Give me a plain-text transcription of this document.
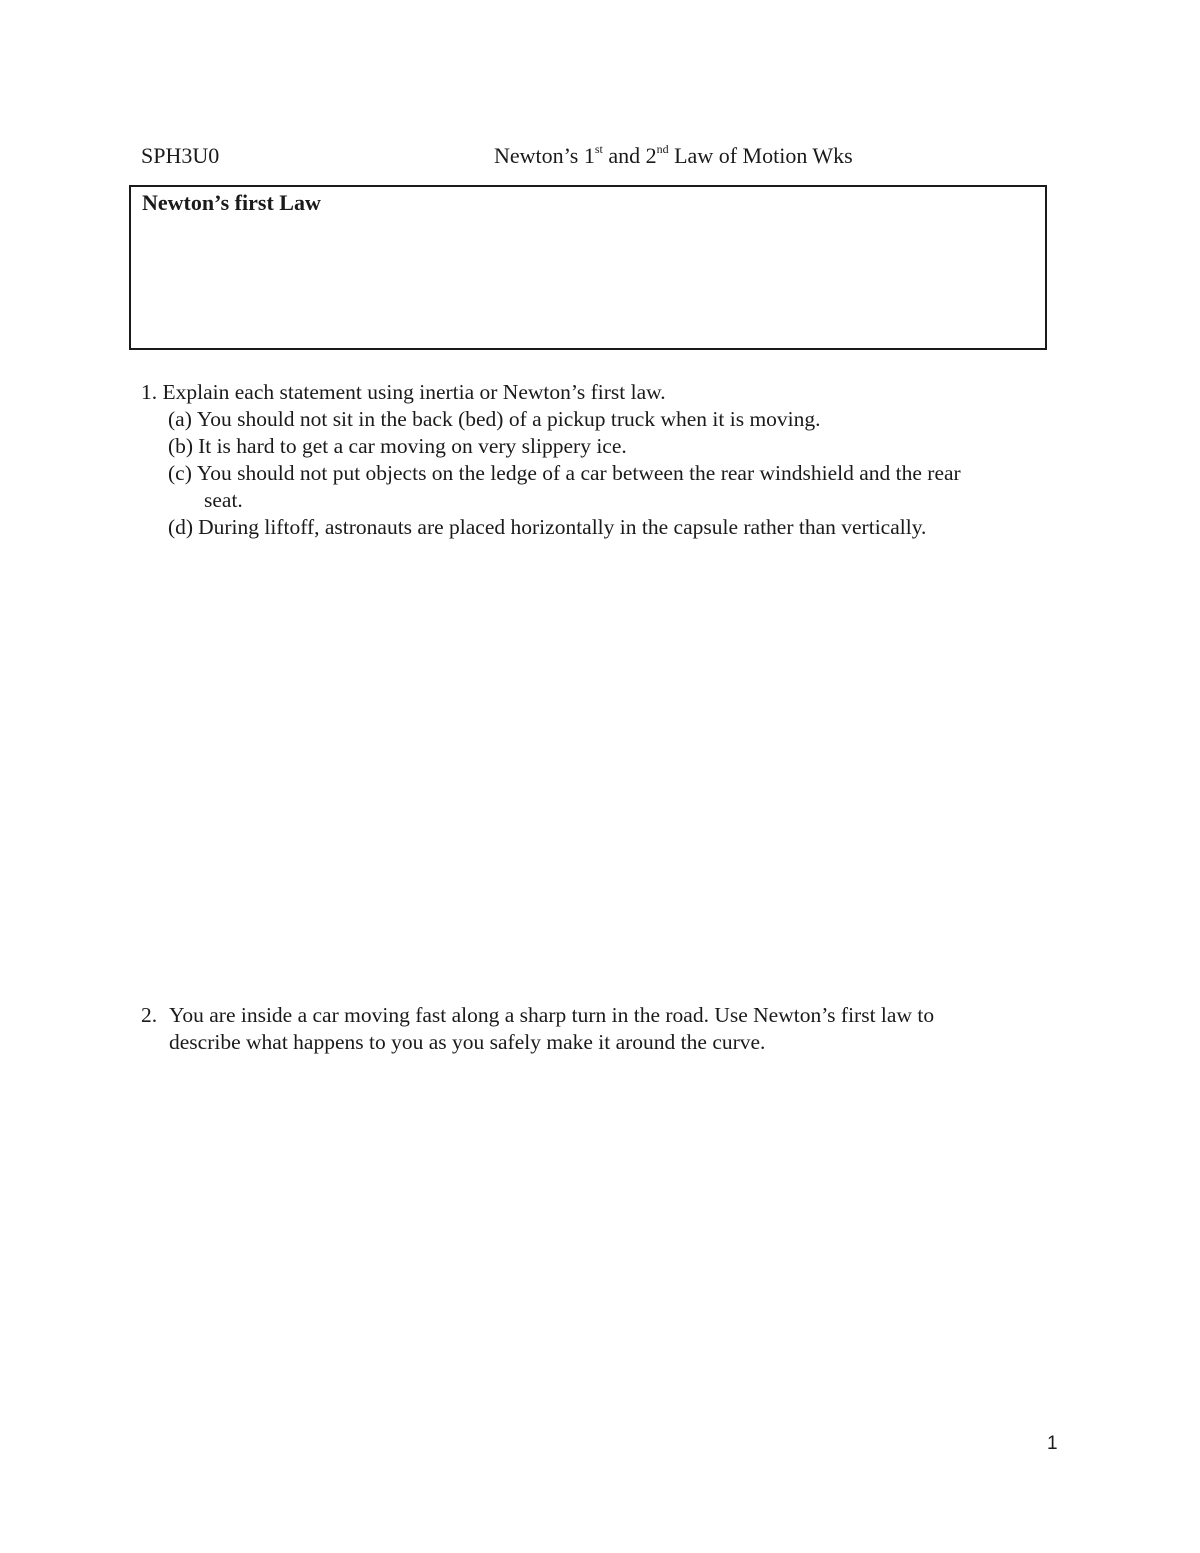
SPH3U0	Newton’s 1st and 2nd Law of Motion Wks
Newton’s first Law
1. Explain each statement using inertia or Newton’s first law.
(a) You should not sit in the back (bed) of a pickup truck when it is moving.
(b) It is hard to get a car moving on very slippery ice.
(c) You should not put objects on the ledge of a car between the rear windshield and the rear
seat.
(d) During liftoff, astronauts are placed horizontally in the capsule rather than vertically.
2. You are inside a car moving fast along a sharp turn in the road. Use Newton’s first law to
describe what happens to you as you safely make it around the curve.
1
